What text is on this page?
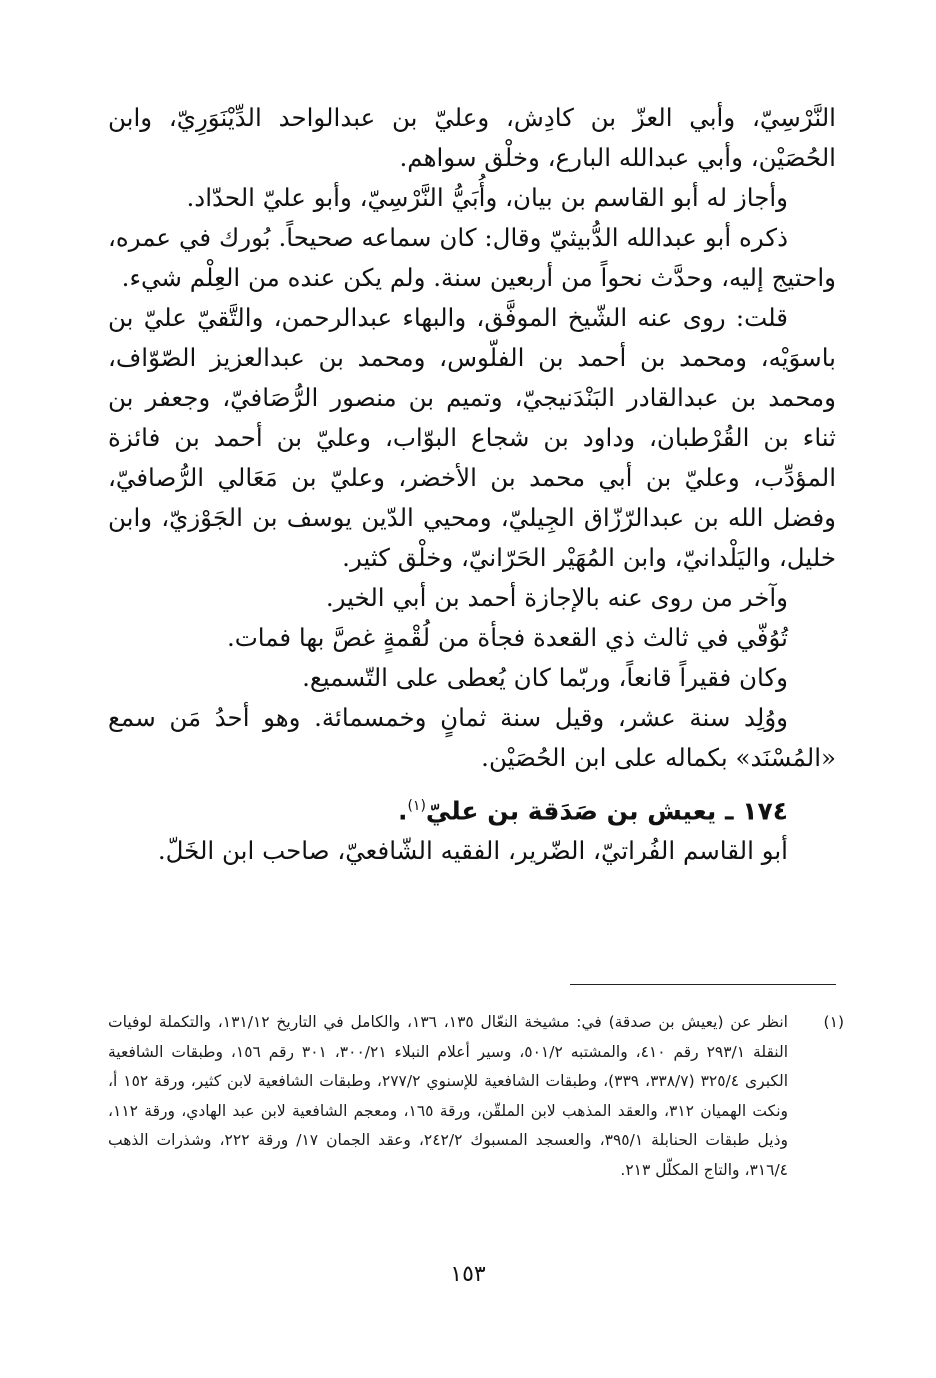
النَّرْسِيّ، وأبي العزّ بن كادِش، وعليّ بن عبدالواحد الدِّيْنَوَرِيّ، وابن الحُصَيْن، وأبي عبدالله البارع، وخلْق سواهم.

وأجاز له أبو القاسم بن بيان، وأُبَيُّ النَّرْسِيّ، وأبو عليّ الحدّاد.

ذكره أبو عبدالله الدُّبيثيّ وقال: كان سماعه صحيحاً. بُورك في عمره، واحتيج إليه، وحدَّث نحواً من أربعين سنة. ولم يكن عنده من العِلْم شيء.

قلت: روى عنه الشّيخ الموفَّق، والبهاء عبدالرحمن، والتَّقيّ عليّ بن باسوَيْه، ومحمد بن أحمد بن الفلّوس، ومحمد بن عبدالعزيز الصّوّاف، ومحمد بن عبدالقادر البَنْدَنيجيّ، وتميم بن منصور الرُّصَافيّ، وجعفر بن ثناء بن القُرْطبان، وداود بن شجاع البوّاب، وعليّ بن أحمد بن فائزة المؤدِّب، وعليّ بن أبي محمد بن الأخضر، وعليّ بن مَعَالي الرُّصافيّ، وفضل الله بن عبدالرّزّاق الجِيليّ، ومحيي الدّين يوسف بن الجَوْزيّ، وابن خليل، واليَلْدانيّ، وابن المُهَيْر الحَرّانيّ، وخلْق كثير.

وآخر من روى عنه بالإجازة أحمد بن أبي الخير.

تُوُفّي في ثالث ذي القعدة فجأة من لُقْمةٍ غصَّ بها فمات.

وكان فقيراً قانعاً، وربّما كان يُعطى على التّسميع.

ووُلِد سنة عشر، وقيل سنة ثمانٍ وخمسمائة. وهو أحدُ مَن سمع «المُسْنَد» بكماله على ابن الحُصَيْن.

١٧٤ ـ يعيش بن صَدَقة بن عليّ$^{(١)}$.

أبو القاسم الفُراتيّ، الضّرير، الفقيه الشّافعيّ، صاحب ابن الخَلّ.

(١)
انظر عن (يعيش بن صدقة) في: مشيخة النعّال ١٣٥، ١٣٦، والكامل في التاريخ ١٣١/١٢، والتكملة لوفيات النقلة ٢٩٣/١ رقم ٤١٠، والمشتبه ٥٠١/٢، وسير أعلام النبلاء ٣٠٠/٢١، ٣٠١ رقم ١٥٦، وطبقات الشافعية الكبرى ٣٢٥/٤ (٣٣٨/٧، ٣٣٩)، وطبقات الشافعية للإسنوي ٢٧٧/٢، وطبقات الشافعية لابن كثير، ورقة ١٥٢ أ، ونكت الهميان ٣١٢، والعقد المذهب لابن الملقّن، ورقة ١٦٥، ومعجم الشافعية لابن عبد الهادي، ورقة ١١٢، وذيل طبقات الحنابلة ٣٩٥/١، والعسجد المسبوك ٢٤٢/٢، وعقد الجمان ١٧/ ورقة ٢٢٢، وشذرات الذهب ٣١٦/٤، والتاج المكلّل ٢١٣.
١٥٣
